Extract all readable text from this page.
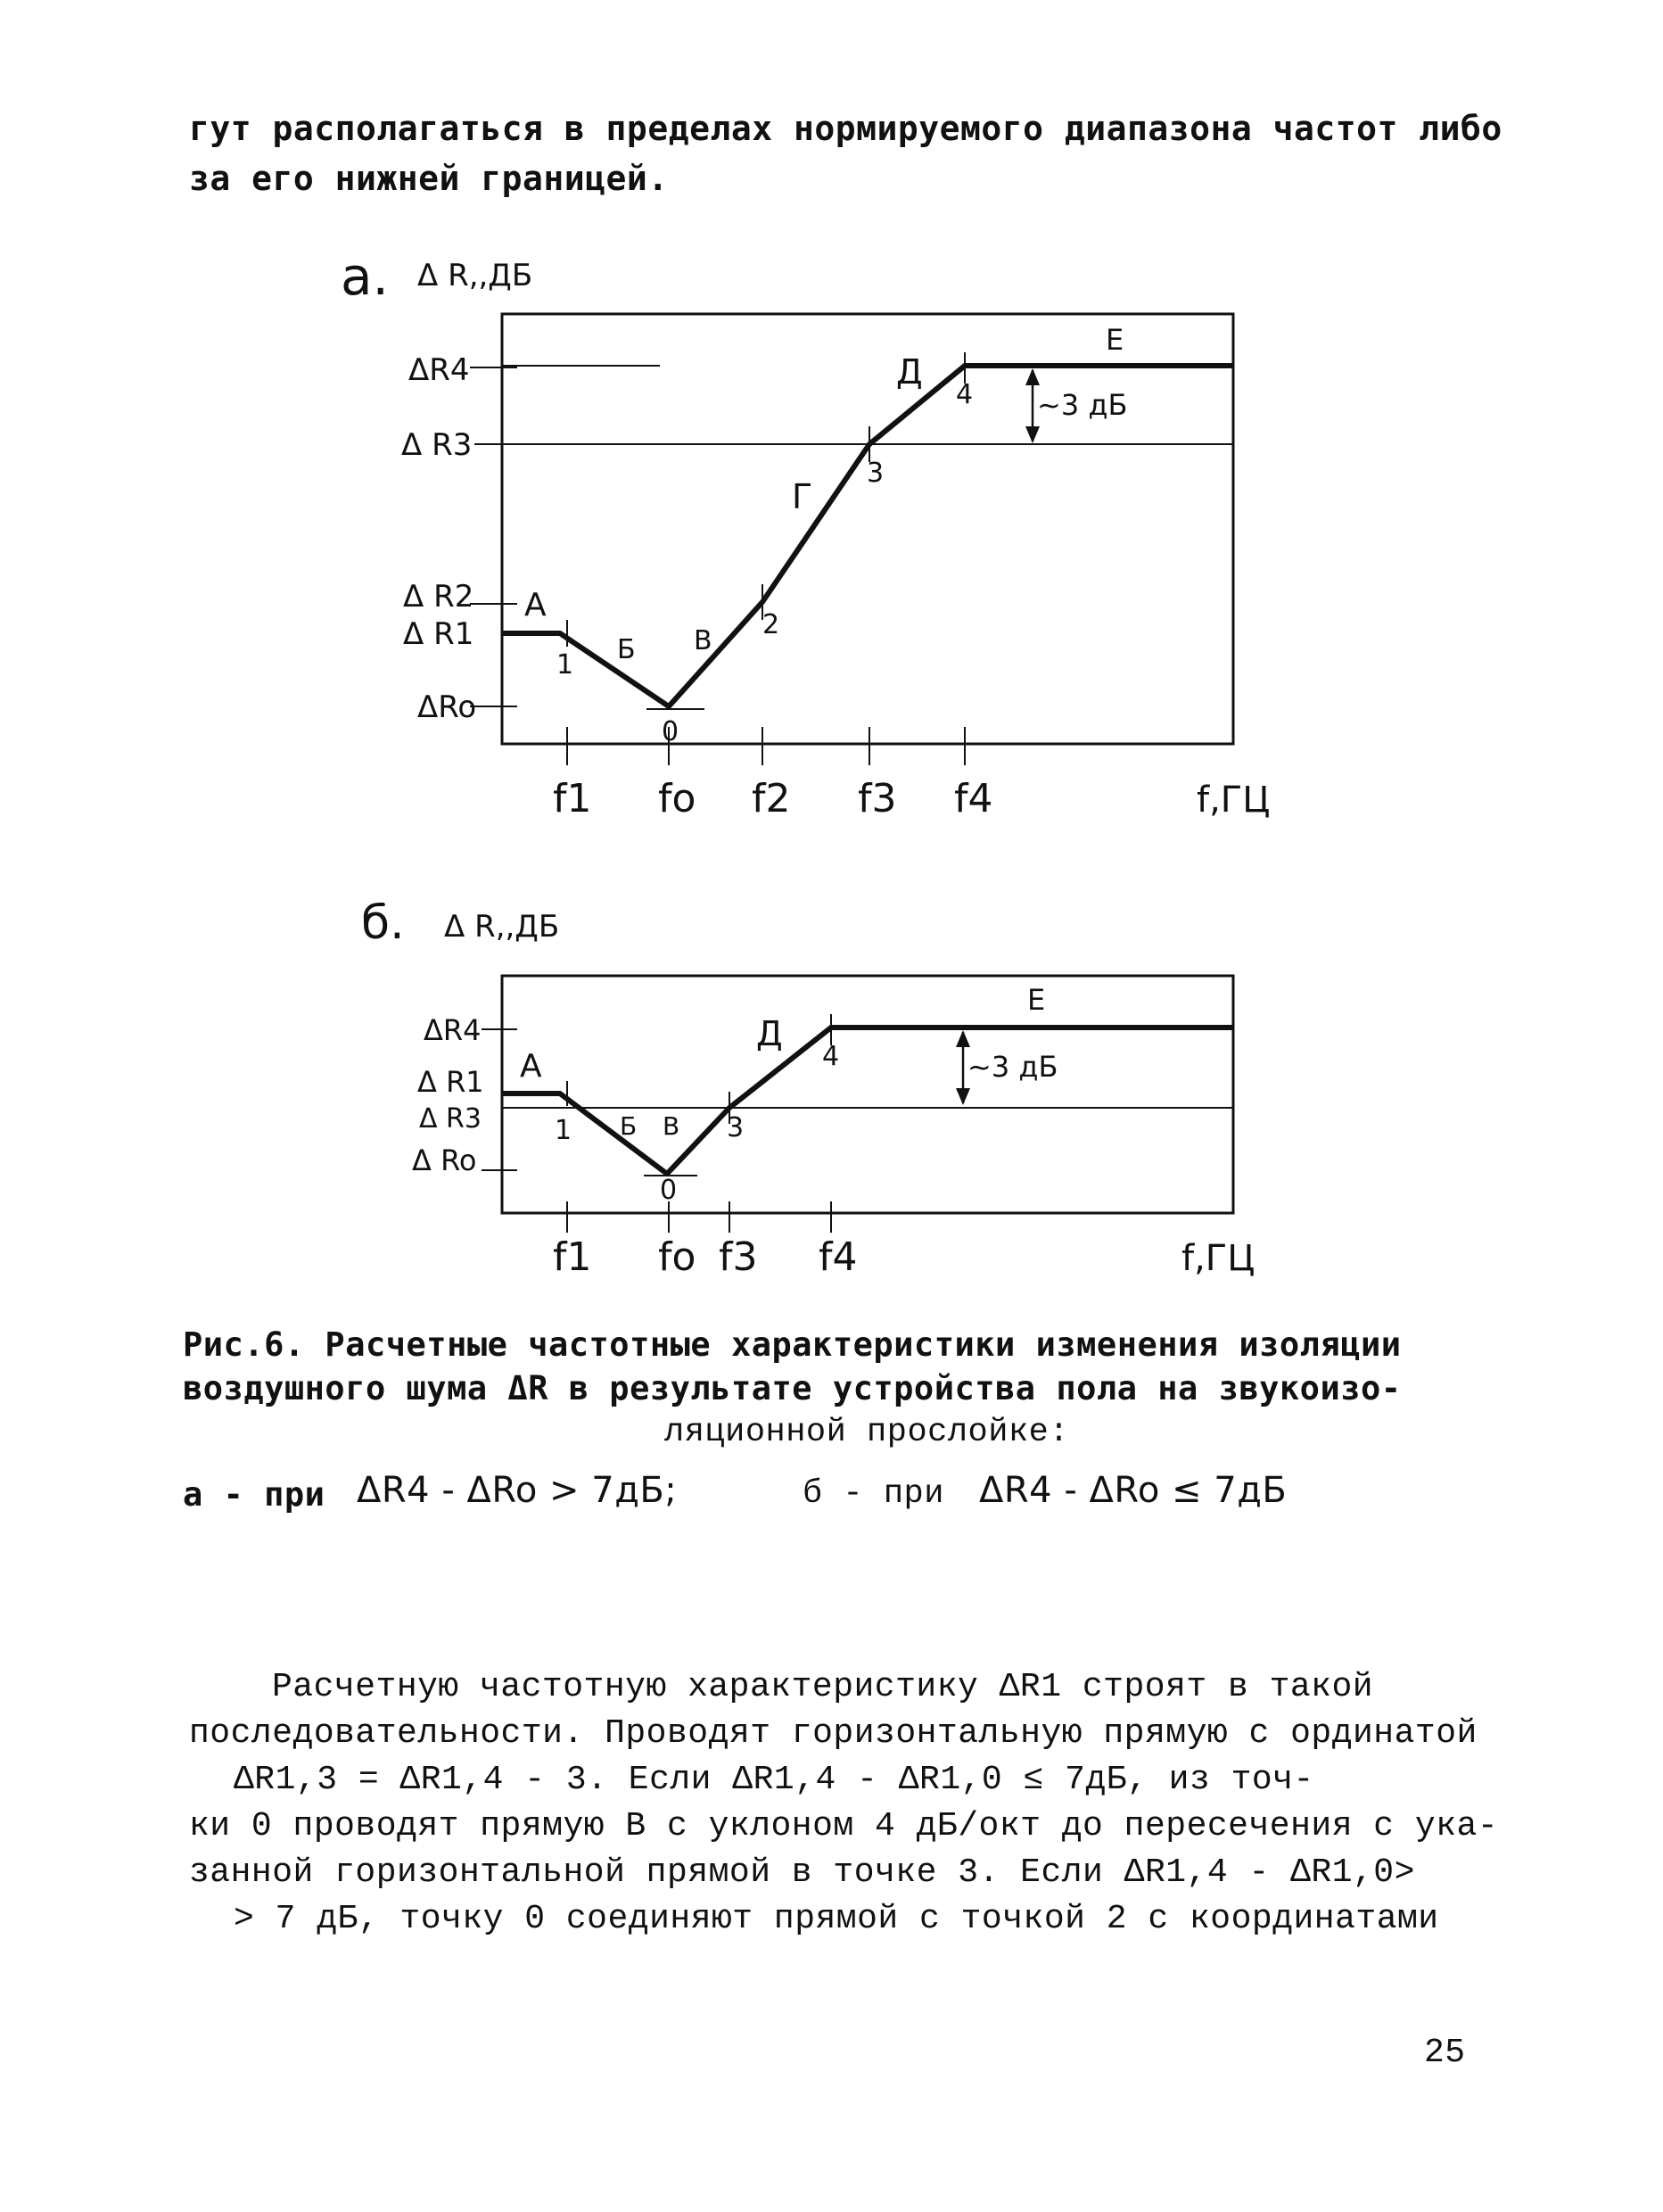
гут располагаться в пределах нормируемого диапазона частот либо
за его нижней границей.
а. Δ R,,ДБ
~3 дБ
ΔR4
Δ R3
Δ R2
Δ R1
ΔRo
А
Б В
Г
Д
Е
1
0
2
3
4
f1 fo f2 f3 f4	f,ГЦ
б. Δ R,,ДБ
~3 дБ
ΔR4
Δ R1
Δ R3
Δ Ro
А
Б В
Д
Е
1
0
3
4
f1 fo f3 f4	f,ГЦ
Рис.6. Расчетные частотные характеристики изменения изоляции
воздушного шума ΔR в результате устройства пола на звукоизо-
ляционной прослойке:
а - при ΔR4 - ΔRo > 7дБ;	б - при ΔR4 - ΔRo ≤ 7дБ
Расчетную частотную характеристику ΔR1 строят в такой
последовательности. Проводят горизонтальную прямую с ординатой
ΔR1,3 = ΔR1,4 - 3. Если ΔR1,4 - ΔR1,0 ≤ 7дБ, из точ-
ки 0 проводят прямую В с уклоном 4 дБ/окт до пересечения с ука-
занной горизонтальной прямой в точке 3. Если ΔR1,4 - ΔR1,0>
> 7 дБ, точку 0 соединяют прямой с точкой 2 с координатами
25
